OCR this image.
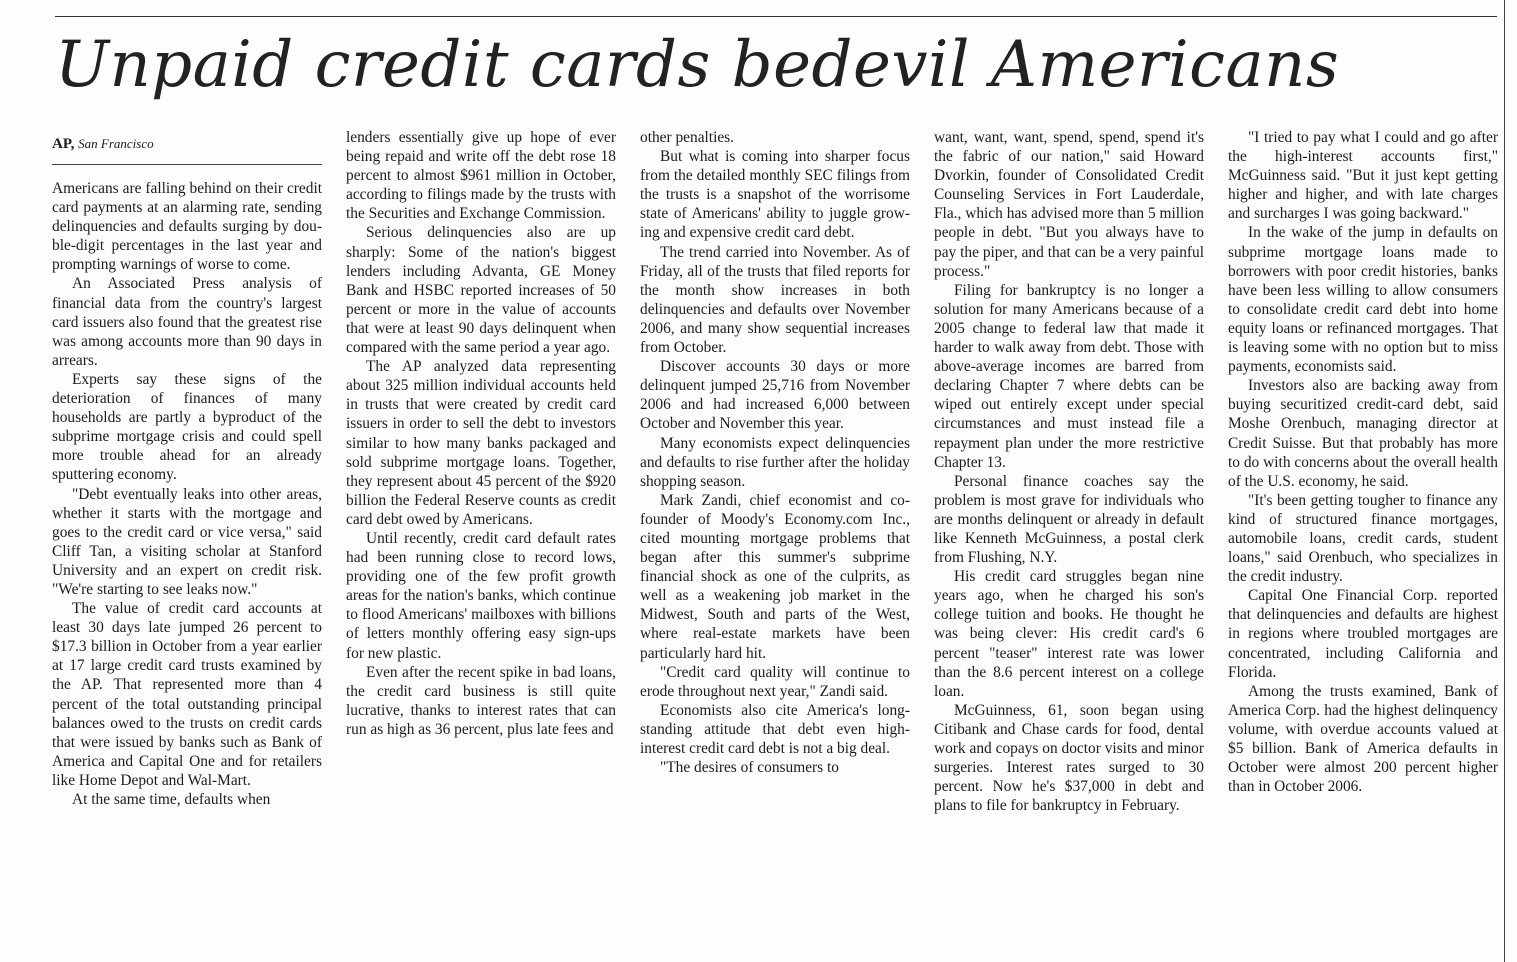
Unpaid credit cards bedevil Americans
AP, San Francisco

Americans are falling behind on their credit card payments at an alarming rate, sending delinquencies and defaults surging by double-digit percentages in the last year and prompting warnings of worse to come.

An Associated Press analysis of financial data from the country's largest card issuers also found that the greatest rise was among accounts more than 90 days in arrears.

Experts say these signs of the deterioration of finances of many households are partly a byproduct of the subprime mortgage crisis and could spell more trouble ahead for an already sputtering economy.

"Debt eventually leaks into other areas, whether it starts with the mortgage and goes to the credit card or vice versa," said Cliff Tan, a visiting scholar at Stanford University and an expert on credit risk. "We're starting to see leaks now."

The value of credit card accounts at least 30 days late jumped 26 percent to $17.3 billion in October from a year earlier at 17 large credit card trusts examined by the AP. That represented more than 4 percent of the total outstanding principal balances owed to the trusts on credit cards that were issued by banks such as Bank of America and Capital One and for retailers like Home Depot and Wal-Mart.

At the same time, defaults when

lenders essentially give up hope of ever being repaid and write off the debt rose 18 percent to almost $961 million in October, according to filings made by the trusts with the Securities and Exchange Commission.

Serious delinquencies also are up sharply: Some of the nation's biggest lenders including Advanta, GE Money Bank and HSBC reported increases of 50 percent or more in the value of accounts that were at least 90 days delinquent when compared with the same period a year ago.

The AP analyzed data representing about 325 million individual accounts held in trusts that were created by credit card issuers in order to sell the debt to investors similar to how many banks packaged and sold subprime mortgage loans. Together, they represent about 45 percent of the $920 billion the Federal Reserve counts as credit card debt owed by Americans.

Until recently, credit card default rates had been running close to record lows, providing one of the few profit growth areas for the nation's banks, which continue to flood Americans' mailboxes with billions of letters monthly offering easy sign-ups for new plastic.

Even after the recent spike in bad loans, the credit card business is still quite lucrative, thanks to interest rates that can run as high as 36 percent, plus late fees and

other penalties.

But what is coming into sharper focus from the detailed monthly SEC filings from the trusts is a snapshot of the worrisome state of Americans' ability to juggle growing and expensive credit card debt.

The trend carried into November. As of Friday, all of the trusts that filed reports for the month show increases in both delinquencies and defaults over November 2006, and many show sequential increases from October.

Discover accounts 30 days or more delinquent jumped 25,716 from November 2006 and had increased 6,000 between October and November this year.

Many economists expect delinquencies and defaults to rise further after the holiday shopping season.

Mark Zandi, chief economist and co-founder of Moody's Economy.com Inc., cited mounting mortgage problems that began after this summer's subprime financial shock as one of the culprits, as well as a weakening job market in the Midwest, South and parts of the West, where real-estate markets have been particularly hard hit.

"Credit card quality will continue to erode throughout next year," Zandi said.

Economists also cite America's long-standing attitude that debt even high-interest credit card debt is not a big deal.

"The desires of consumers to

want, want, want, spend, spend, spend it's the fabric of our nation," said Howard Dvorkin, founder of Consolidated Credit Counseling Services in Fort Lauderdale, Fla., which has advised more than 5 million people in debt. "But you always have to pay the piper, and that can be a very painful process."

Filing for bankruptcy is no longer a solution for many Americans because of a 2005 change to federal law that made it harder to walk away from debt. Those with above-average incomes are barred from declaring Chapter 7 where debts can be wiped out entirely except under special circumstances and must instead file a repayment plan under the more restrictive Chapter 13.

Personal finance coaches say the problem is most grave for individuals who are months delinquent or already in default like Kenneth McGuinness, a postal clerk from Flushing, N.Y.

His credit card struggles began nine years ago, when he charged his son's college tuition and books. He thought he was being clever: His credit card's 6 percent "teaser" interest rate was lower than the 8.6 percent interest on a college loan.

McGuinness, 61, soon began using Citibank and Chase cards for food, dental work and copays on doctor visits and minor surgeries. Interest rates surged to 30 percent. Now he's $37,000 in debt and plans to file for bankruptcy in February.

"I tried to pay what I could and go after the high-interest accounts first," McGuinness said. "But it just kept getting higher and higher, and with late charges and surcharges I was going backward."

In the wake of the jump in defaults on subprime mortgage loans made to borrowers with poor credit histories, banks have been less willing to allow consumers to consolidate credit card debt into home equity loans or refinanced mortgages. That is leaving some with no option but to miss payments, economists said.

Investors also are backing away from buying securitized credit-card debt, said Moshe Orenbuch, managing director at Credit Suisse. But that probably has more to do with concerns about the overall health of the U.S. economy, he said.

"It's been getting tougher to finance any kind of structured finance mortgages, automobile loans, credit cards, student loans," said Orenbuch, who specializes in the credit industry.

Capital One Financial Corp. reported that delinquencies and defaults are highest in regions where troubled mortgages are concentrated, including California and Florida.

Among the trusts examined, Bank of America Corp. had the highest delinquency volume, with overdue accounts valued at $5 billion. Bank of America defaults in October were almost 200 percent higher than in October 2006.
